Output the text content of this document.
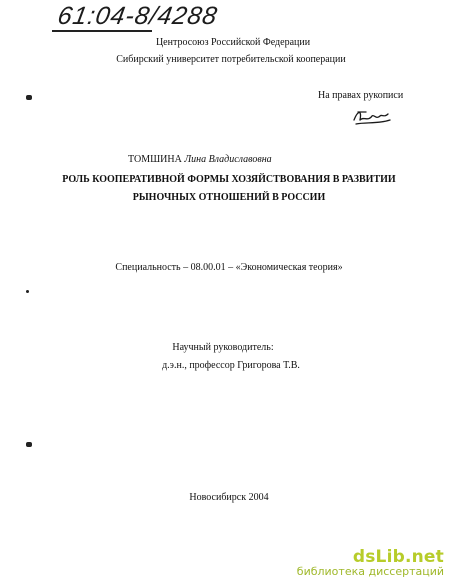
61:04-8/4288
Центросоюз Российской Федерации
Сибирский университет потребительской кооперации
На правах рукописи
ТОМШИНА Лина Владиславовна
РОЛЬ КООПЕРАТИВНОЙ ФОРМЫ ХОЗЯЙСТВОВАНИЯ В РАЗВИТИИ
РЫНОЧНЫХ ОТНОШЕНИЙ В РОССИИ
Специальность – 08.00.01 – «Экономическая теория»
Научный руководитель:
д.э.н., профессор Григорова Т.В.
Новосибирск 2004
dsLib.net
библиотека диссертаций
